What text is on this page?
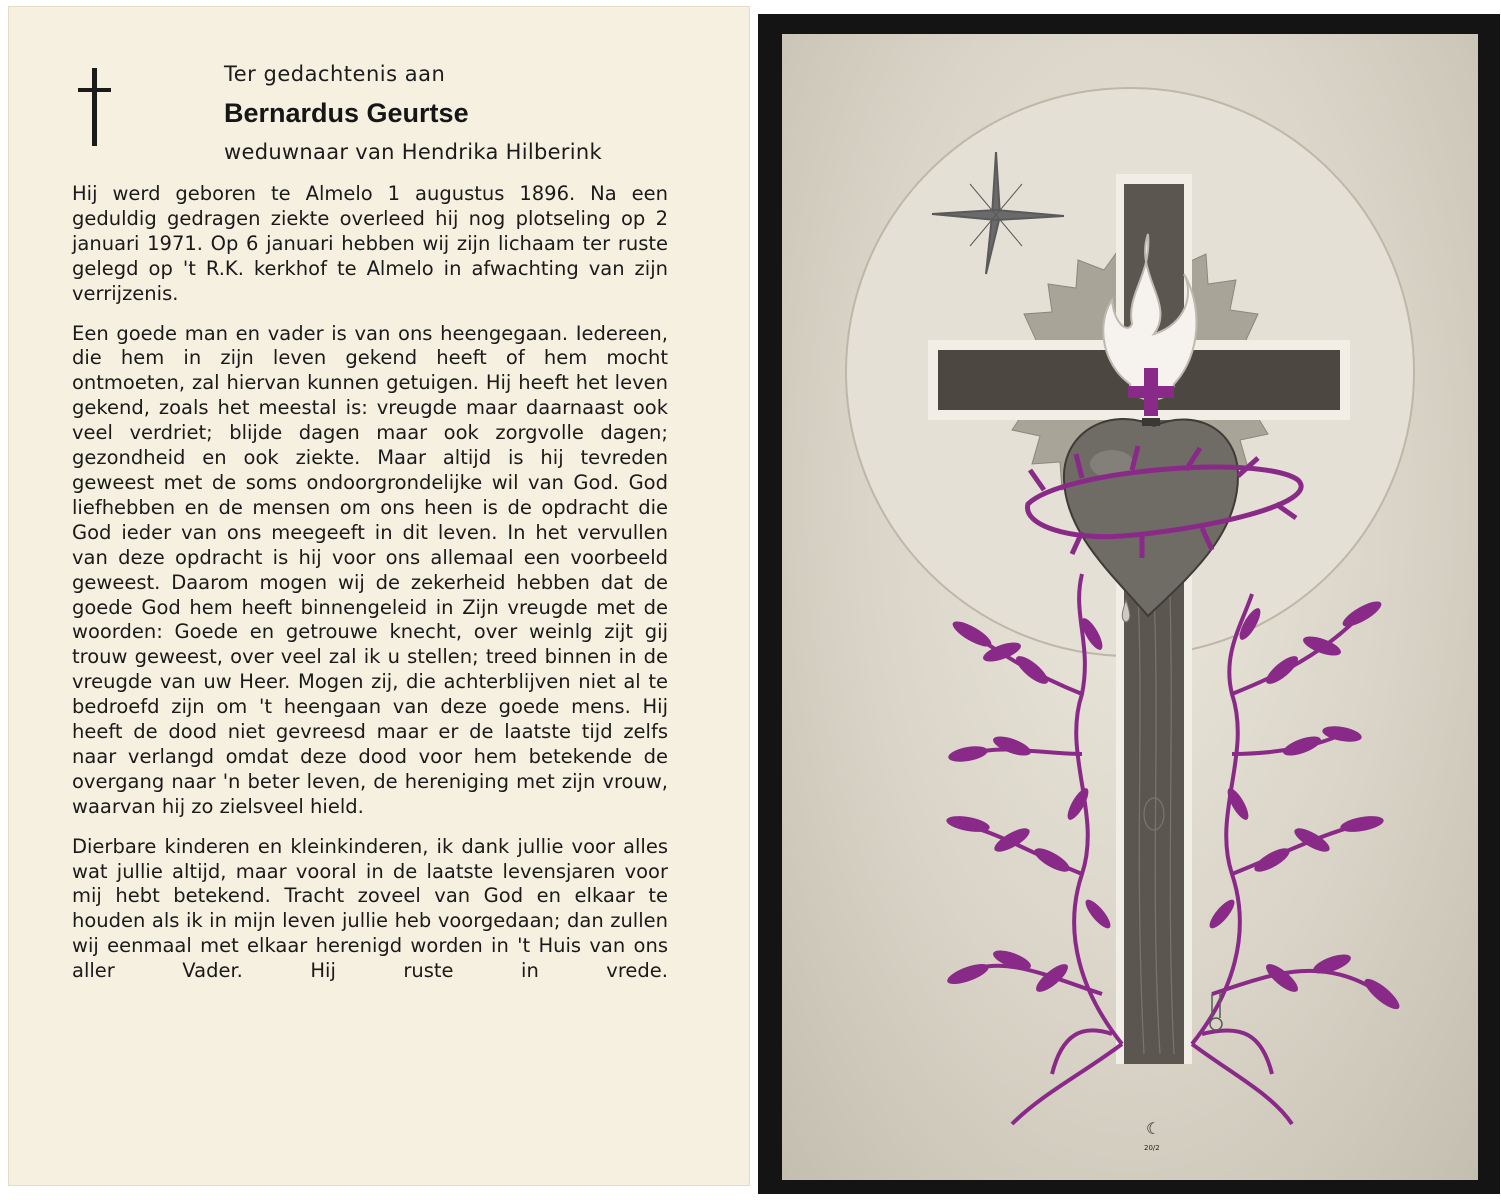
Ter gedachtenis aan
Bernardus Geurtse
weduwnaar van Hendrika Hilberink

Hij werd geboren te Almelo 1 augustus 1896. Na een geduldig gedragen ziekte overleed hij nog plotseling op 2 januari 1971. Op 6 januari hebben wij zijn lichaam ter ruste gelegd op 't R.K. kerkhof te Almelo in afwachting van zijn verrijzenis.

Een goede man en vader is van ons heengegaan. Iedereen, die hem in zijn leven gekend heeft of hem mocht ontmoeten, zal hiervan kunnen getuigen. Hij heeft het leven gekend, zoals het meestal is: vreugde maar daarnaast ook veel verdriet; blijde dagen maar ook zorgvolle dagen; gezondheid en ook ziekte. Maar altijd is hij tevreden geweest met de soms ondoorgrondelijke wil van God. God liefhebben en de mensen om ons heen is de opdracht die God ieder van ons meegeeft in dit leven. In het vervullen van deze opdracht is hij voor ons allemaal een voorbeeld geweest. Daarom mogen wij de zekerheid hebben dat de goede God hem heeft binnengeleid in Zijn vreugde met de woorden: Goede en getrouwe knecht, over weinlg zijt gij trouw geweest, over veel zal ik u stellen; treed binnen in de vreugde van uw Heer. Mogen zij, die achterblijven niet al te bedroefd zijn om 't heengaan van deze goede mens. Hij heeft de dood niet gevreesd maar er de laatste tijd zelfs naar verlangd omdat deze dood voor hem betekende de overgang naar 'n beter leven, de hereniging met zijn vrouw, waarvan hij zo zielsveel hield.

Dierbare kinderen en kleinkinderen, ik dank jullie voor alles wat jullie altijd, maar vooral in de laatste levensjaren voor mij hebt betekend. Tracht zoveel van God en elkaar te houden als ik in mijn leven jullie heb voorgedaan; dan zullen wij eenmaal met elkaar herenigd worden in 't Huis van ons aller Vader. Hij ruste in vrede.

☾
20/2
